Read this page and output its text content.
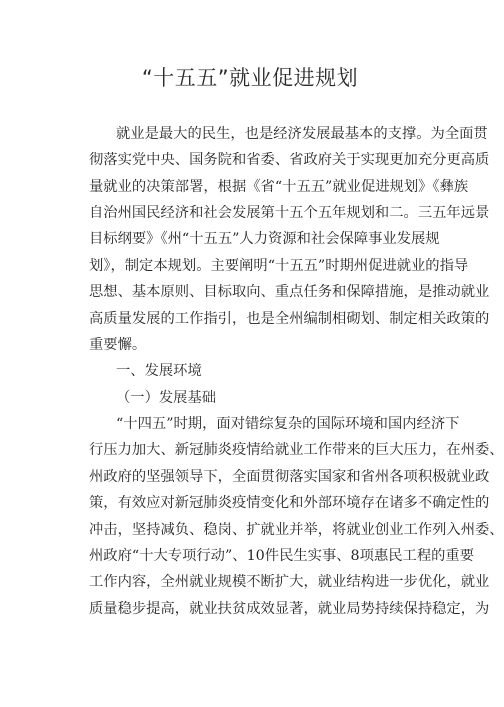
“十五五”就业促进规划
就业是最大的民生，也是经济发展最基本的支撑。为全面贯
彻落实党中央、国务院和省委、省政府关于实现更加充分更高质
量就业的决策部署，根据《省“十五五”就业促进规划》《彝族
自治州国民经济和社会发展第十五个五年规划和二。三五年远景
目标纲要》《州“十五五”人力资源和社会保障事业发展规
划》，制定本规划。主要阐明“十五五”时期州促进就业的指导
思想、基本原则、目标取向、重点任务和保障措施，是推动就业
高质量发展的工作指引，也是全州编制相砌划、制定相关政策的
重要懈。
一、发展环境
（一）发展基础
“十四五”时期，面对错综复杂的国际环境和国内经济下
行压力加大、新冠肺炎疫情给就业工作带来的巨大压力，在州委、
州政府的坚强领导下，全面贯彻落实国家和省州各项积极就业政
策，有效应对新冠肺炎疫情变化和外部环境存在诸多不确定性的
冲击，坚持减负、稳岗、扩就业并举，将就业创业工作列入州委、
州政府“十大专项行动”、10件民生实事、8项惠民工程的重要
工作内容，全州就业规模不断扩大，就业结构进一步优化，就业
质量稳步提高，就业扶贫成效显著，就业局势持续保持稳定，为
